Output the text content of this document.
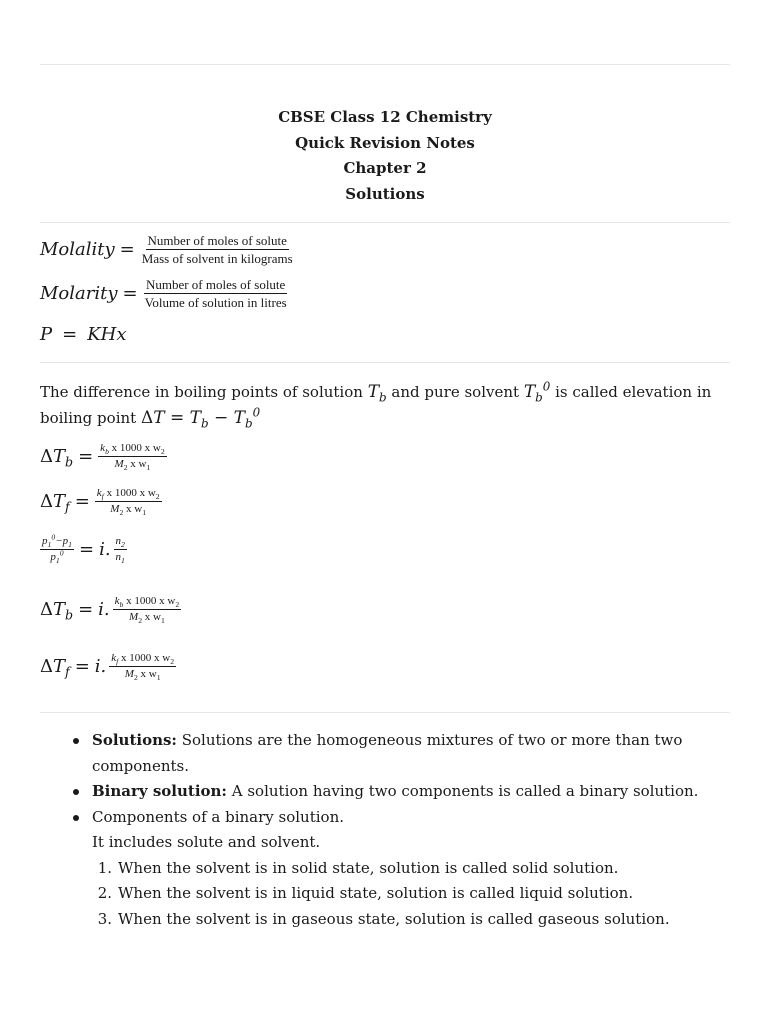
CBSE Class 12 Chemistry
Quick Revision Notes
Chapter 2
Solutions
Molality = $\frac{\text{Number of moles of solute}}{\text{Mass of solvent in kilograms}}$
Molarity = $\frac{\text{Number of moles of solute}}{\text{Volume of solution in litres}}$
P = KHx
The difference in boiling points of solution $T_b$ and pure solvent $T_b^0$ is called elevation in boiling point $\Delta T = T_b - T_b^0$
$\Delta T_b = \frac{k_b x 1000 x w_2}{M_2 x w_1}$
$\Delta T_f = \frac{k_f x 1000 x w_2}{M_2 x w_1}$
$\frac{p_1^0-p_1}{p_1^0} = i$. $\frac{n_2}{n_1}$
$\Delta T_b = i$. $\frac{k_b x 1000 x w_2}{M_2 x w_1}$
$\Delta T_f = i$. $\frac{k_f x 1000 x w_2}{M_2 x w_1}$
Solutions: Solutions are the homogeneous mixtures of two or more than two components.
Binary solution: A solution having two components is called a binary solution.
Components of a binary solution.
It includes solute and solvent.
1. When the solvent is in solid state, solution is called solid solution.
2. When the solvent is in liquid state, solution is called liquid solution.
3. When the solvent is in gaseous state, solution is called gaseous solution.
